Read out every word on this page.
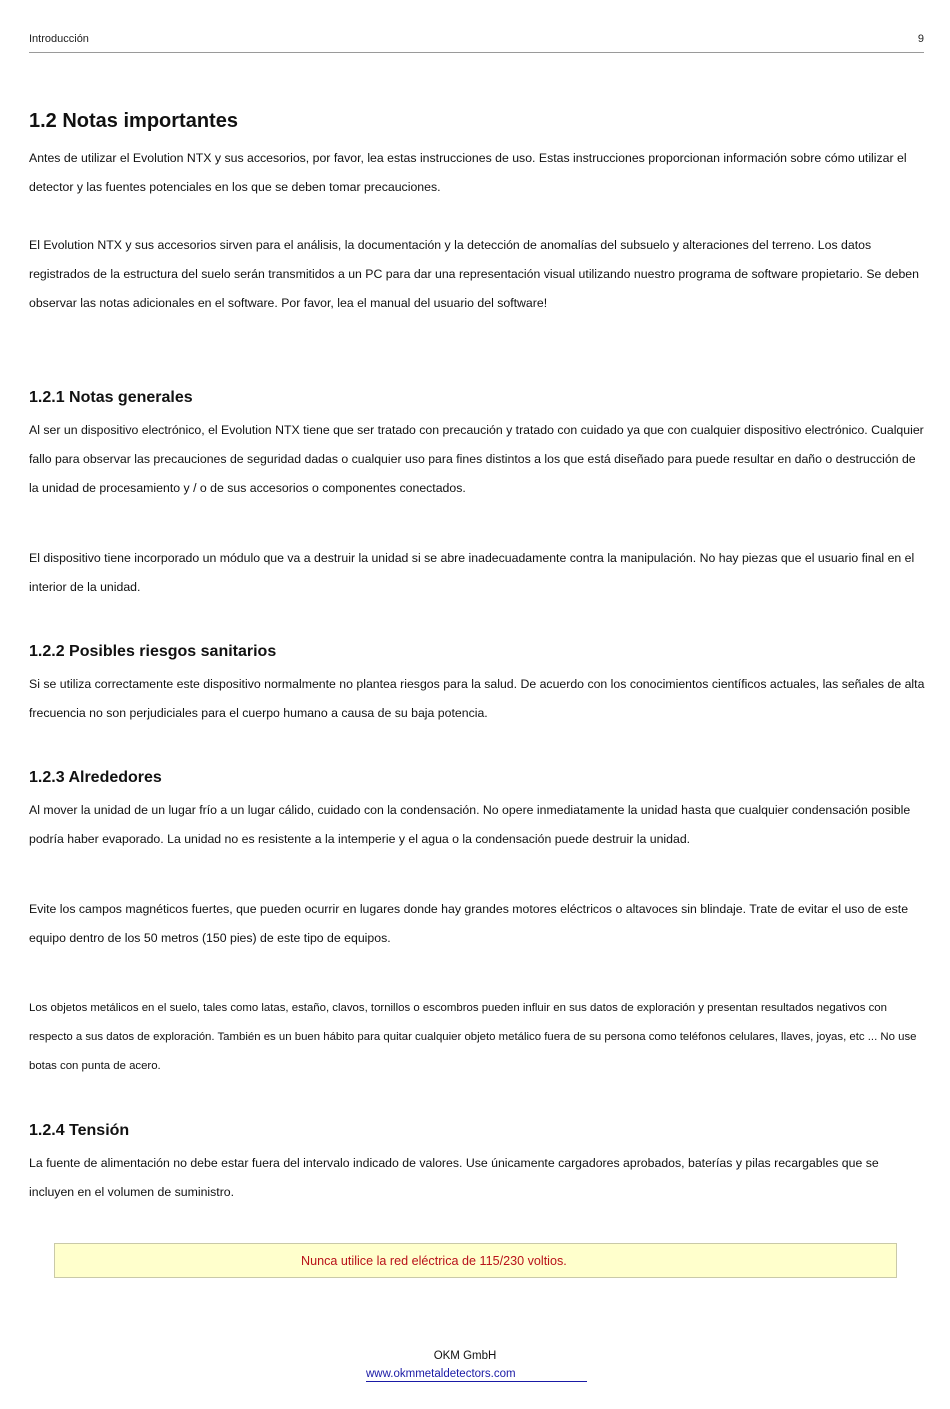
Introducción	9
1.2 Notas importantes

Antes de utilizar el Evolution NTX y sus accesorios, por favor, lea estas instrucciones de uso. Estas instrucciones proporcionan información sobre cómo utilizar el detector y las fuentes potenciales en los que se deben tomar precauciones.

El Evolution NTX y sus accesorios sirven para el análisis, la documentación y la detección de anomalías del subsuelo y alteraciones del terreno. Los datos registrados de la estructura del suelo serán transmitidos a un PC para dar una representación visual utilizando nuestro programa de software propietario. Se deben observar las notas adicionales en el software. Por favor, lea el manual del usuario del software!

1.2.1 Notas generales

Al ser un dispositivo electrónico, el Evolution NTX tiene que ser tratado con precaución y tratado con cuidado ya que con cualquier dispositivo electrónico. Cualquier fallo para observar las precauciones de seguridad dadas o cualquier uso para fines distintos a los que está diseñado para puede resultar en daño o destrucción de la unidad de procesamiento y / o de sus accesorios o componentes conectados.

El dispositivo tiene incorporado un módulo que va a destruir la unidad si se abre inadecuadamente contra la manipulación. No hay piezas que el usuario final en el interior de la unidad.

1.2.2 Posibles riesgos sanitarios

Si se utiliza correctamente este dispositivo normalmente no plantea riesgos para la salud. De acuerdo con los conocimientos científicos actuales, las señales de alta frecuencia no son perjudiciales para el cuerpo humano a causa de su baja potencia.

1.2.3 Alrededores

Al mover la unidad de un lugar frío a un lugar cálido, cuidado con la condensación. No opere inmediatamente la unidad hasta que cualquier condensación posible podría haber evaporado. La unidad no es resistente a la intemperie y el agua o la condensación puede destruir la unidad.

Evite los campos magnéticos fuertes, que pueden ocurrir en lugares donde hay grandes motores eléctricos o altavoces sin blindaje. Trate de evitar el uso de este equipo dentro de los 50 metros (150 pies) de este tipo de equipos.

Los objetos metálicos en el suelo, tales como latas, estaño, clavos, tornillos o escombros pueden influir en sus datos de exploración y presentan resultados negativos con respecto a sus datos de exploración. También es un buen hábito para quitar cualquier objeto metálico fuera de su persona como teléfonos celulares, llaves, joyas, etc ... No use botas con punta de acero.

1.2.4 Tensión

La fuente de alimentación no debe estar fuera del intervalo indicado de valores. Use únicamente cargadores aprobados, baterías y pilas recargables que se incluyen en el volumen de suministro.

Nunca utilice la red eléctrica de 115/230 voltios.
OKM GmbH
www.okmmetaldetectors.com
